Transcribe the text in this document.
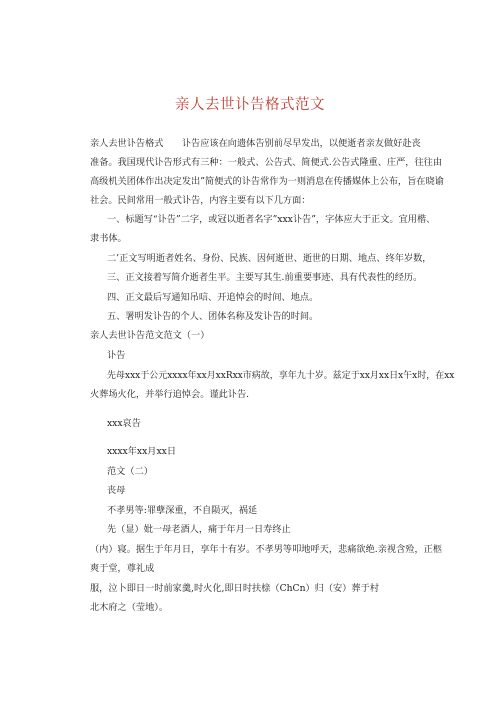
亲人去世讣告格式范文
亲人去世讣告格式　　讣告应该在向遗体告别前尽早发出，以便逝者亲友做好赴丧
准备。我国现代讣告形式有三种：一般式、公告式、简便式.公告式隆重、庄严，往往由
高级机关团体作出决定发出”简便式的讣告常作为一则消息在传播媒体上公布，旨在晓谕
社会。民间常用一般式讣告，内容主要有以下几方面：
一、标题写“讣告”二字，或冠以逝者名字”xxx讣告”，字体应大于正文。宜用楷、
隶书体。
二’正文写明逝者姓名、身份、民族、因何逝世、逝世的日期、地点、终年岁数，
三、正文接着写简介逝者生平。主要写其生.前重要事迹、具有代表性的经历。
四、正文最后写通知吊唁、开追悼会的时间、地点。
五、署明发讣告的个人、团体名称及发讣告的时间。
亲人去世讣告范文范文（一）
讣告
先母xxx于公元xxxx年xx月xxRxx市病故，享年九十岁。兹定于xx月xx日x午x时，在xx
火葬场火化，并举行追悼会。谨此讣告.
xxx哀告
xxxx年xx月xx日
范文（二）
丧母
不孝男等:罪孽深重，不自陨灭，祸延
先（显）妣一母老酒人，痛于年月一日寿终止
（内）寝。据生于年月日，享年十有岁。不孝男等叩地呼天，悲痛欲绝.亲视含殓，正柩
爽于堂，尊礼成
服，泣卜即日一时前家羹,时火化,即日时扶榇（ChCn）归（安）葬于村
北木府之（莹地）。
